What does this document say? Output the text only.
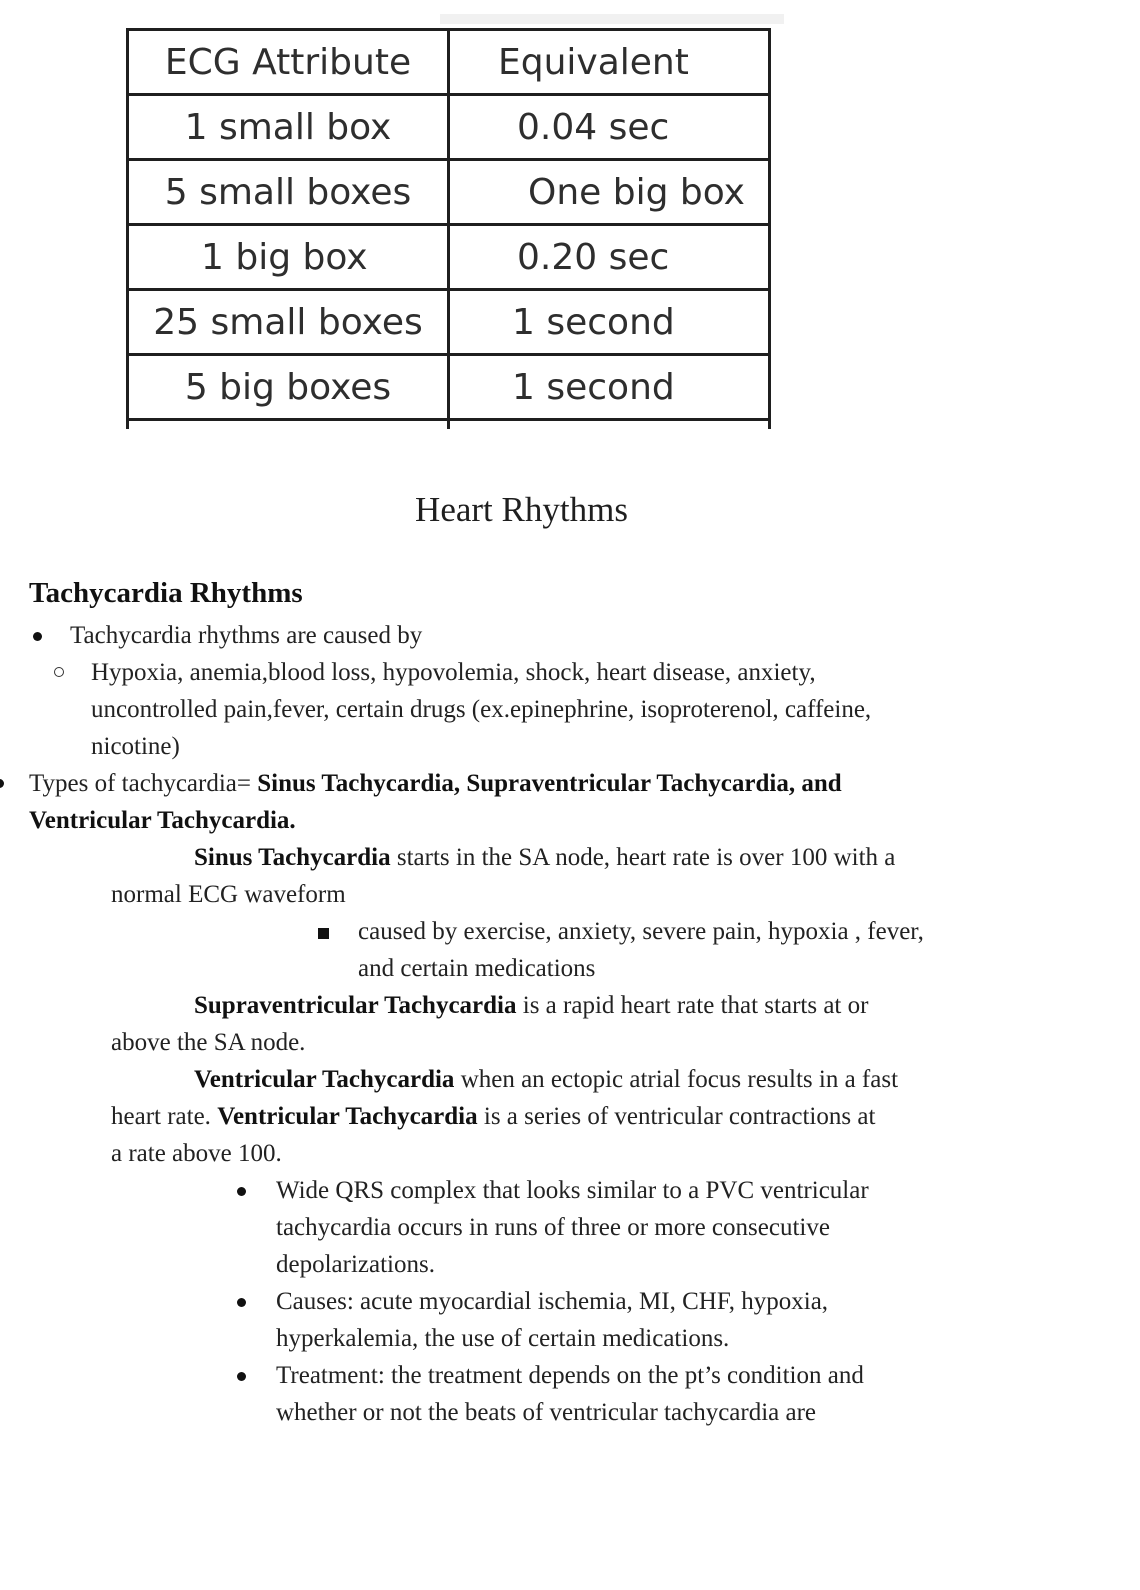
ECG Attribute	Equivalent
1 small box	0.04 sec
5 small boxes	One big box
1 big box	0.20 sec
25 small boxes	1 second
5 big boxes	1 second

Heart Rhythms
Tachycardia Rhythms
Tachycardia rhythms are caused by
Hypoxia, anemia,blood loss, hypovolemia, shock, heart disease, anxiety,
uncontrolled pain,fever, certain drugs (ex.epinephrine, isoproterenol, caffeine,
nicotine)
Types of tachycardia= Sinus Tachycardia, Supraventricular Tachycardia, and
Ventricular Tachycardia.
Sinus Tachycardia starts in the SA node, heart rate is over 100 with a
normal ECG waveform
caused by exercise, anxiety, severe pain, hypoxia , fever,
and certain medications
Supraventricular Tachycardia is a rapid heart rate that starts at or
above the SA node.
Ventricular Tachycardia when an ectopic atrial focus results in a fast
heart rate. Ventricular Tachycardia is a series of ventricular contractions at
a rate above 100.
Wide QRS complex that looks similar to a PVC ventricular
tachycardia occurs in runs of three or more consecutive
depolarizations.
Causes: acute myocardial ischemia, MI, CHF, hypoxia,
hyperkalemia, the use of certain medications.
Treatment: the treatment depends on the pt’s condition and
whether or not the beats of ventricular tachycardia are
